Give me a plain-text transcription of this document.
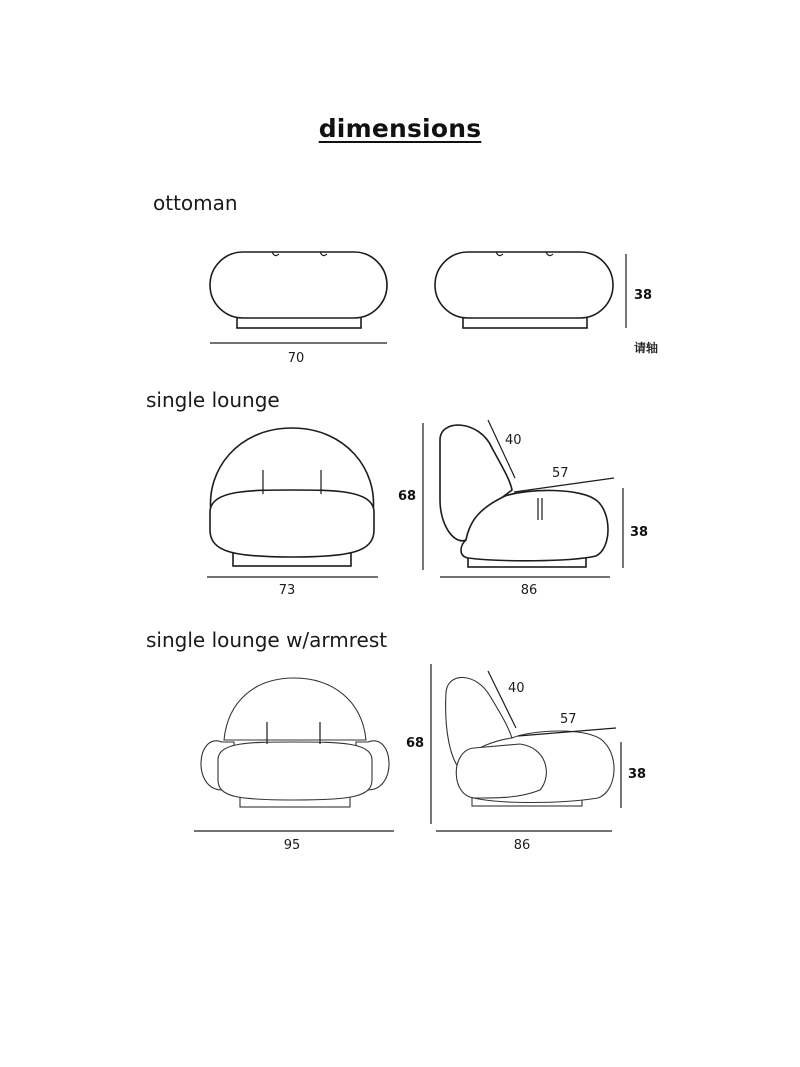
dimensions
ottoman
single lounge
single lounge w/armrest
70
38
请轴
73
68
40
57
38
86
95
68
40
57
38
86
